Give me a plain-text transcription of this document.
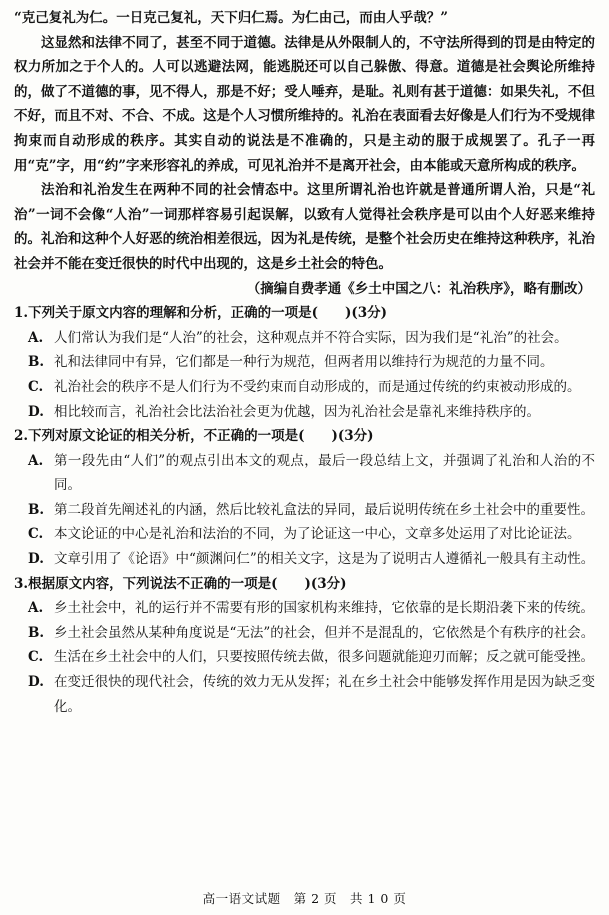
“克己复礼为仁。一日克己复礼，天下归仁焉。为仁由己，而由人乎哉？”

这显然和法律不同了，甚至不同于道德。法律是从外限制人的，不守法所得到的罚是由特定的权力所加之于个人的。人可以逃避法网，能逃脱还可以自己躲傲、得意。道德是社会舆论所维持的，做了不道德的事，见不得人，那是不好；受人唾弃，是耻。礼则有甚于道德：如果失礼，不但不好，而且不对、不合、不成。这是个人习惯所维持的。礼治在表面看去好像是人们行为不受规律拘束而自动形成的秩序。其实自动的说法是不准确的，只是主动的服于成规罢了。孔子一再用“克”字，用“约”字来形容礼的养成，可见礼治并不是离开社会，由本能或天意所构成的秩序。

法治和礼治发生在两种不同的社会情态中。这里所谓礼治也许就是普通所谓人治，只是“礼治”一词不会像“人治”一词那样容易引起误解，以致有人觉得社会秩序是可以由个人好恶来维持的。礼治和这种个人好恶的统治相差很远，因为礼是传统，是整个社会历史在维持这种秩序，礼治社会并不能在变迁很快的时代中出现的，这是乡土社会的特色。

（摘编自费孝通《乡土中国之八：礼治秩序》，略有删改）

1.下列关于原文内容的理解和分析，正确的一项是(　　)(3分)

A. 人们常认为我们是“人治”的社会，这种观点并不符合实际，因为我们是“礼治”的社会。
B. 礼和法律同中有异，它们都是一种行为规范，但两者用以维持行为规范的力量不同。
C. 礼治社会的秩序不是人们行为不受约束而自动形成的，而是通过传统的约束被动形成的。
D. 相比较而言，礼治社会比法治社会更为优越，因为礼治社会是靠礼来维持秩序的。

2.下列对原文论证的相关分析，不正确的一项是(　　)(3分)

A. 第一段先由“人们”的观点引出本文的观点，最后一段总结上文，并强调了礼治和人治的不同。
B. 第二段首先阐述礼的内涵，然后比较礼盒法的异同，最后说明传统在乡土社会中的重要性。
C. 本文论证的中心是礼治和法治的不同，为了论证这一中心，文章多处运用了对比论证法。
D. 文章引用了《论语》中“颜渊问仁”的相关文字，这是为了说明古人遵循礼一般具有主动性。

3.根据原文内容，下列说法不正确的一项是(　　)(3分)

A. 乡土社会中，礼的运行并不需要有形的国家机构来维持，它依靠的是长期沿袭下来的传统。
B. 乡土社会虽然从某种角度说是“无法”的社会，但并不是混乱的，它依然是个有秩序的社会。
C. 生活在乡土社会中的人们，只要按照传统去做，很多问题就能迎刃而解；反之就可能受挫。
D. 在变迁很快的现代社会，传统的效力无从发挥；礼在乡土社会中能够发挥作用是因为缺乏变化。
高一语文试题　第 2 页　共 1 0 页
